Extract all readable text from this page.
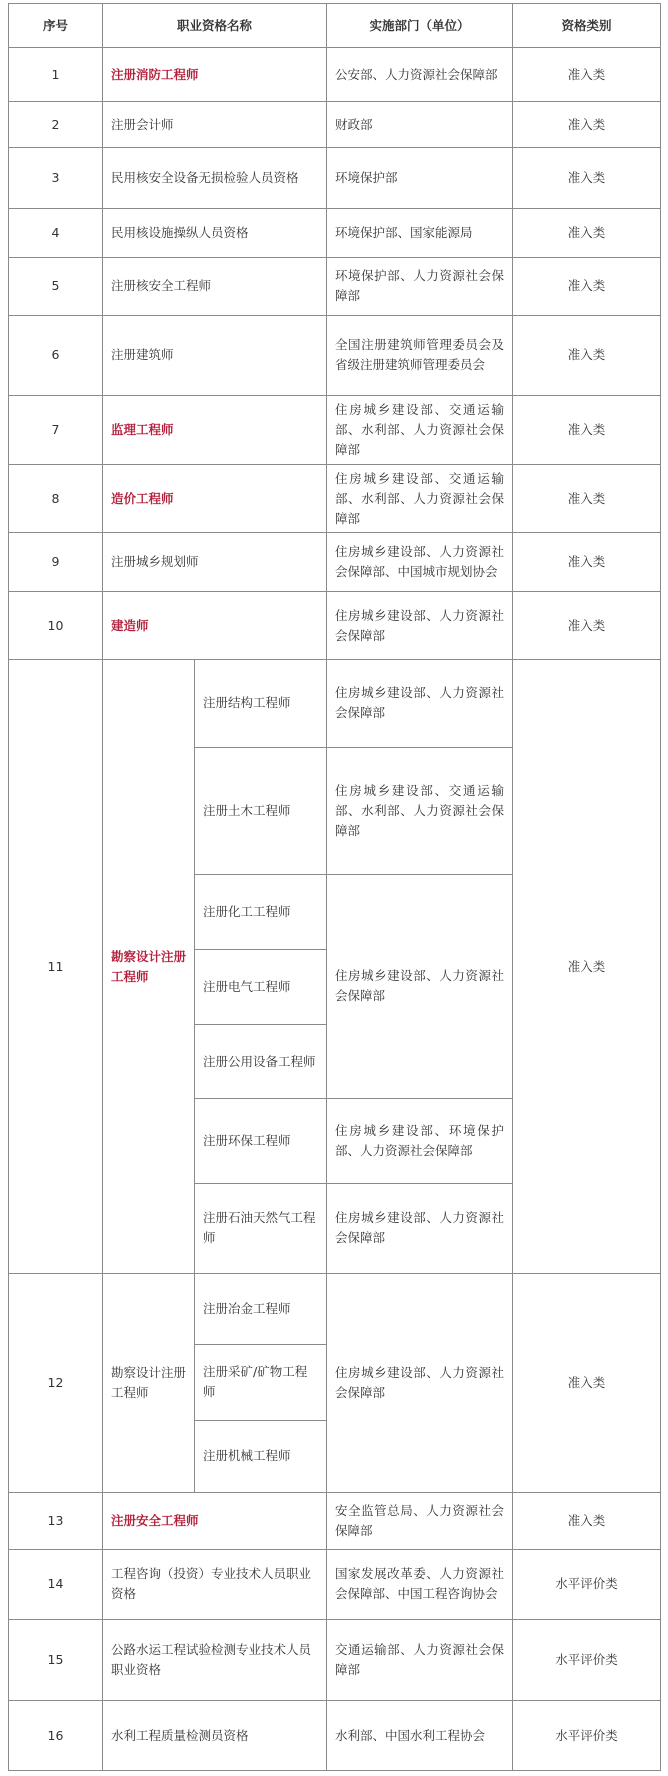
序号	职业资格名称		实施部门（单位）	资格类别
1	注册消防工程师		公安部、人力资源社会保障部	准入类
2	注册会计师		财政部	准入类
3	民用核安全设备无损检验人员资格		环境保护部	准入类
4	民用核设施操纵人员资格		环境保护部、国家能源局	准入类
5	注册核安全工程师		环境保护部、人力资源社会保障部	准入类
6	注册建筑师		全国注册建筑师管理委员会及省级注册建筑师管理委员会	准入类
7	监理工程师		住房城乡建设部、交通运输部、水利部、人力资源社会保障部	准入类
8	造价工程师		住房城乡建设部、交通运输部、水利部、人力资源社会保障部	准入类
9	注册城乡规划师		住房城乡建设部、人力资源社会保障部、中国城市规划协会	准入类
10	建造师		住房城乡建设部、人力资源社会保障部	准入类
11	勘察设计注册工程师	注册结构工程师	住房城乡建设部、人力资源社会保障部	准入类
		注册土木工程师	住房城乡建设部、交通运输部、水利部、人力资源社会保障部	
		注册化工工程师	住房城乡建设部、人力资源社会保障部	
		注册电气工程师		
		注册公用设备工程师		
		注册环保工程师	住房城乡建设部、环境保护部、人力资源社会保障部	
		注册石油天然气工程师	住房城乡建设部、人力资源社会保障部	
12	勘察设计注册工程师	注册冶金工程师	住房城乡建设部、人力资源社会保障部	准入类
		注册采矿/矿物工程师		
		注册机械工程师		
13	注册安全工程师		安全监管总局、人力资源社会保障部	准入类
14	工程咨询（投资）专业技术人员职业资格		国家发展改革委、人力资源社会保障部、中国工程咨询协会	水平评价类
15	公路水运工程试验检测专业技术人员职业资格		交通运输部、人力资源社会保障部	水平评价类
16	水利工程质量检测员资格		水利部、中国水利工程协会	水平评价类
